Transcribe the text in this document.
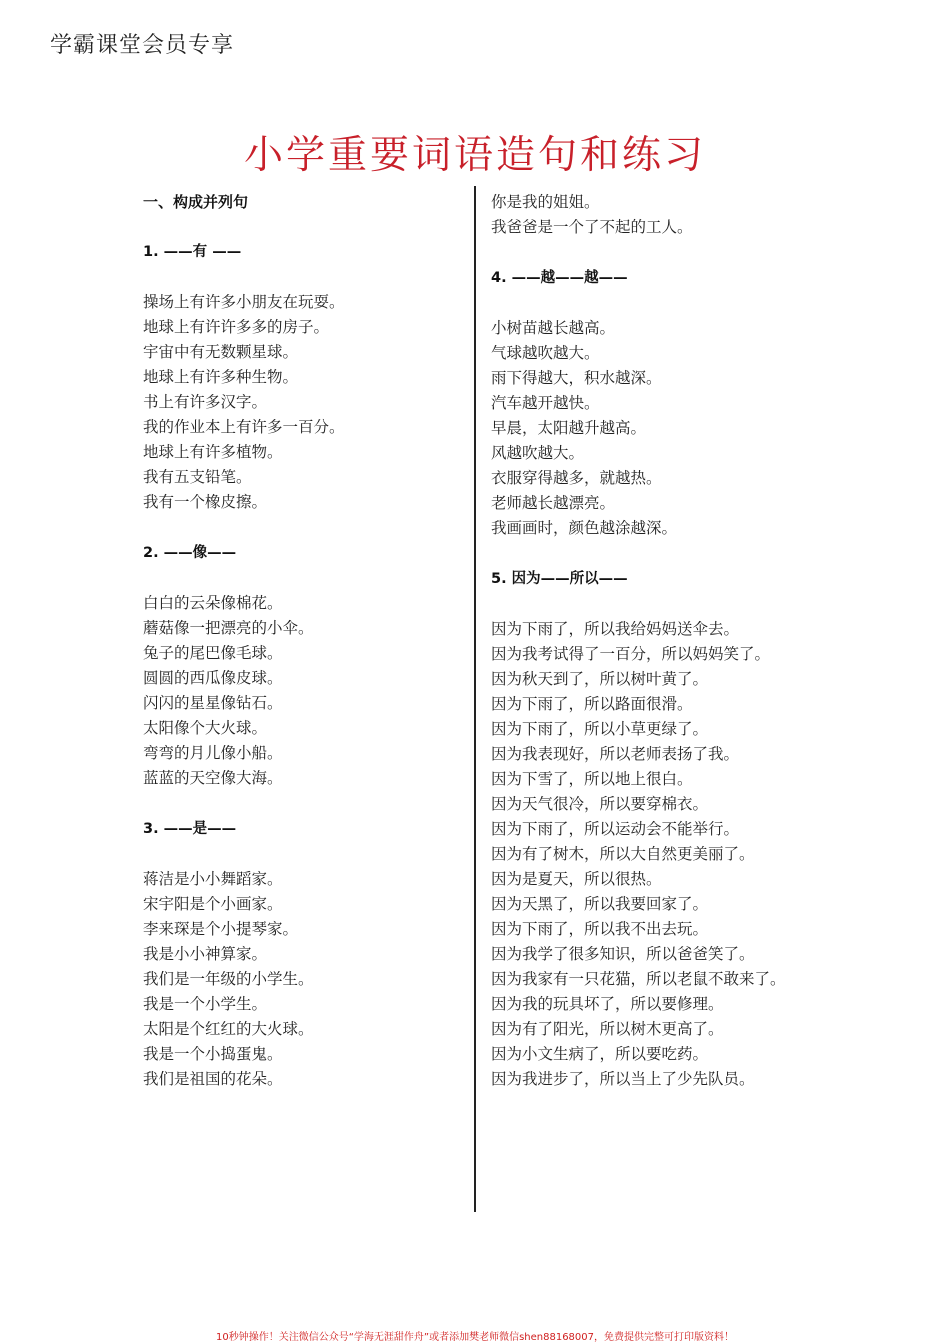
学霸课堂会员专享
小学重要词语造句和练习
一、构成并列句
1. ——有 ——
操场上有许多小朋友在玩耍。
地球上有许许多多的房子。
宇宙中有无数颗星球。
地球上有许多种生物。
书上有许多汉字。
我的作业本上有许多一百分。
地球上有许多植物。
我有五支铅笔。
我有一个橡皮擦。
2. ——像——
白白的云朵像棉花。
蘑菇像一把漂亮的小伞。
兔子的尾巴像毛球。
圆圆的西瓜像皮球。
闪闪的星星像钻石。
太阳像个大火球。
弯弯的月儿像小船。
蓝蓝的天空像大海。
3. ——是——
蒋洁是小小舞蹈家。
宋宇阳是个小画家。
李来琛是个小提琴家。
我是小小神算家。
我们是一年级的小学生。
我是一个小学生。
太阳是个红红的大火球。
我是一个小捣蛋鬼。
我们是祖国的花朵。
你是我的姐姐。
我爸爸是一个了不起的工人。
4. ——越——越——
小树苗越长越高。
气球越吹越大。
雨下得越大，积水越深。
汽车越开越快。
早晨，太阳越升越高。
风越吹越大。
衣服穿得越多，就越热。
老师越长越漂亮。
我画画时，颜色越涂越深。
5. 因为——所以——
因为下雨了，所以我给妈妈送伞去。
因为我考试得了一百分，所以妈妈笑了。
因为秋天到了，所以树叶黄了。
因为下雨了，所以路面很滑。
因为下雨了，所以小草更绿了。
因为我表现好，所以老师表扬了我。
因为下雪了，所以地上很白。
因为天气很冷，所以要穿棉衣。
因为下雨了，所以运动会不能举行。
因为有了树木，所以大自然更美丽了。
因为是夏天，所以很热。
因为天黑了，所以我要回家了。
因为下雨了，所以我不出去玩。
因为我学了很多知识，所以爸爸笑了。
因为我家有一只花猫，所以老鼠不敢来了。
因为我的玩具坏了，所以要修理。
因为有了阳光，所以树木更高了。
因为小文生病了，所以要吃药。
因为我进步了，所以当上了少先队员。
10秒钟操作！关注微信公众号“学海无涯甜作舟”或者添加樊老师微信shen88168007，免费提供完整可打印版资料！
